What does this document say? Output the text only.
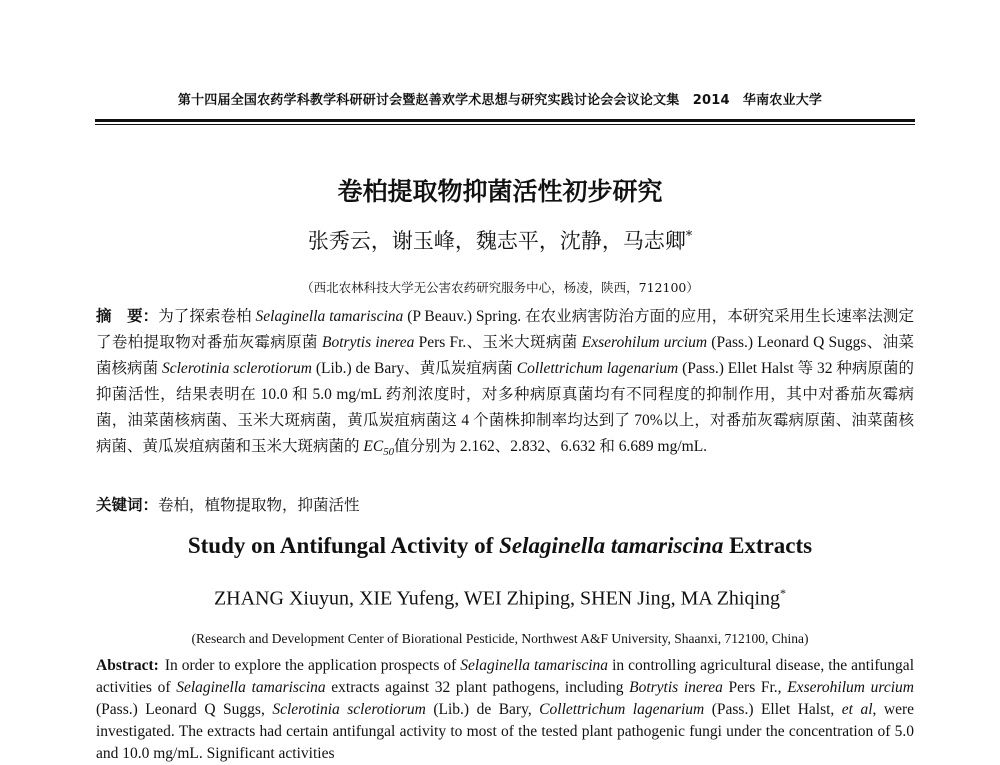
第十四届全国农药学科教学科研研讨会暨赵善欢学术思想与研究实践讨论会会议论文集　2014　华南农业大学
卷柏提取物抑菌活性初步研究
张秀云，谢玉峰，魏志平，沈静，马志卿*
（西北农林科技大学无公害农药研究服务中心，杨凌，陕西，712100）
摘　要：为了探索卷柏 Selaginella tamariscina (P Beauv.) Spring. 在农业病害防治方面的应用，本研究采用生长速率法测定了卷柏提取物对番茄灰霉病原菌 Botrytis inerea Pers Fr.、玉米大斑病菌 Exserohilum urcium (Pass.) Leonard Q Suggs、油菜菌核病菌 Sclerotinia sclerotiorum (Lib.) de Bary、黄瓜炭疽病菌 Collettrichum lagenarium (Pass.) Ellet Halst 等 32 种病原菌的抑菌活性，结果表明在 10.0 和 5.0 mg/mL 药剂浓度时，对多种病原真菌均有不同程度的抑制作用，其中对番茄灰霉病菌，油菜菌核病菌、玉米大斑病菌，黄瓜炭疽病菌这 4 个菌株抑制率均达到了 70%以上，对番茄灰霉病原菌、油菜菌核病菌、黄瓜炭疽病菌和玉米大斑病菌的 $EC_{50}$值分别为 2.162、2.832、6.632 和 6.689 mg/mL.
关键词：卷柏，植物提取物，抑菌活性
Study on Antifungal Activity of Selaginella tamariscina Extracts
ZHANG Xiuyun, XIE Yufeng, WEI Zhiping, SHEN Jing, MA Zhiqing*
(Research and Development Center of Biorational Pesticide, Northwest A&F University, Shaanxi, 712100, China)
Abstract: In order to explore the application prospects of Selaginella tamariscina in controlling agricultural disease, the antifungal activities of Selaginella tamariscina extracts against 32 plant pathogens, including Botrytis inerea Pers Fr., Exserohilum urcium (Pass.) Leonard Q Suggs, Sclerotinia sclerotiorum (Lib.) de Bary, Collettrichum lagenarium (Pass.) Ellet Halst, et al, were investigated. The extracts had certain antifungal activity to most of the tested plant pathogenic fungi under the concentration of 5.0 and 10.0 mg/mL. Significant activities
